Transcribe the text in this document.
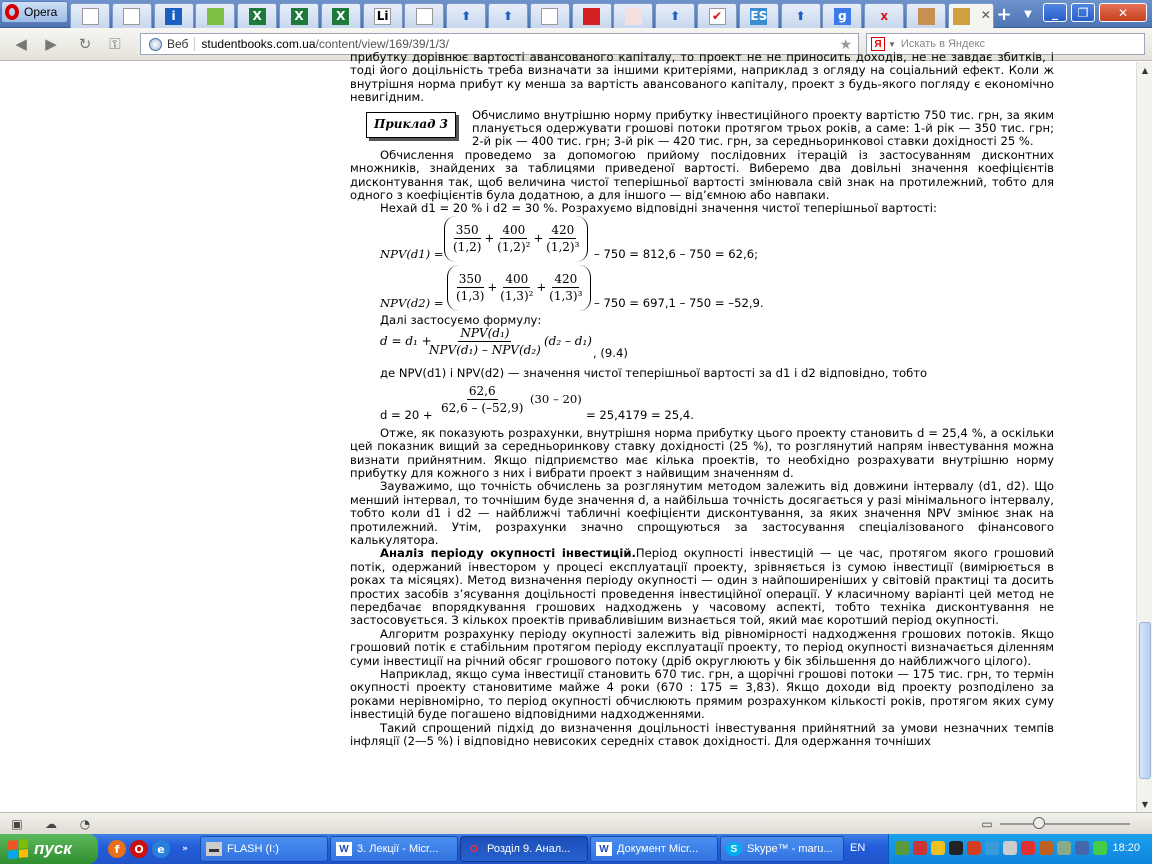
Opera	i	X	X	X	Li	⬆	⬆	⬆	✔ ES ⬆	g	x	✕ +	▼	_	❐	✕
◀	▶	↻	⚿	Веб	studentbooks.com.ua /content/view/169/39/1/3/	★	Я ▼ Искать в Яндекс
прибутку дорівнює вартості авансованого капіталу, то проект не не приносить доходів, не не завдає збитків, і тоді його доцільність треба визначати за іншими критеріями, наприклад з огляду на соціальний ефект. Коли ж внутрішня норма прибут ку менша за вартість авансованого капіталу, проект з будь-якого погляду є економічно невигідним.
Приклад 3
Обчислимо внутрішню норму прибутку інвестиційного проекту вартістю 750 тис. грн, за яким планується одержувати грошові потоки протягом трьох років, а саме: 1-й рік — 350 тис. грн; 2-й рік — 400 тис. грн; 3-й рік — 420 тис. грн, за середньоринковоі ставки дохідності 25 %.
Обчислення проведемо за допомогою прийому послідовних ітерацій із застосуванням дисконтних множників, знайдених за таблицями приведеної вартості. Виберемо два довільні значення коефіцієнтів дисконтування так, щоб величина чистої теперішньої вартості змінювала свій знак на протилежний, тобто для одного з коефіцієнтів була додатною, а для іншого — від’ємною або навпаки.
Нехай d1 = 20 % і d2 = 30 %. Розрахуємо відповідні значення чистої теперішньої вартості:
$NPV(d1) = \frac{350}{(1,2)} + \frac{400}{\text{(1,2)²}} + \frac{420}{\text{(1,2)³}} - 750 = 812,6 - 750 = 62,6$;
$NPV(d2) = \frac{350}{(1,3)} + \frac{400}{\text{(1,3)²}} + \frac{420}{\text{(1,3)³}} - 750 = 697,1 - 750 = -52,9$.
Далі застосуємо формулу:
d = d₁ +
NPV(d₁)
NPV(d₁) – NPV(d₂)
(d₂ – d₁)
, (9.4)
де NPV(d1) і NPV(d2) — значення чистої теперішньої вартості за d1 і d2 відповідно, тобто
$d = 20 + \frac{62,6}{62,6 - (-52,9)} (30 - 20)$
= 25,4179 = 25,4.
Отже, як показують розрахунки, внутрішня норма прибутку цього проекту становить d = 25,4 %, а оскільки цей показник вищий за середньоринкову ставку дохідності (25 %), то розглянутий напрям інвестування можна визнати прийнятним. Якщо підприємство має кілька проектів, то необхідно розрахувати внутрішню норму прибутку для кожного з них і вибрати проект з найвищим значенням d.
Зауважимо, що точність обчислень за розглянутим методом залежить від довжини інтервалу (d1, d2). Що менший інтервал, то точнішим буде значення d, а найбільша точність досягається у разі мінімального інтервалу, тобто коли d1 і d2 — найближчі табличні коефіцієнти дисконтування, за яких значення NPV змінює знак на протилежний. Утім, розрахунки значно спрощуються за застосування спеціалізованого фінансового калькулятора.
Аналіз періоду окупності інвестицій.Період окупності інвестицій — це час, протягом якого грошовий потік, одержаний інвестором у процесі експлуатації проекту, зрівняється із сумою інвестиції (вимірюється в роках та місяцях). Метод визначення періоду окупності — один з найпоширеніших у світовій практиці та досить простих засобів з’ясування доцільності проведення інвестиційної операції. У класичному варіанті цей метод не передбачає впорядкування грошових надходжень у часовому аспекті, тобто техніка дисконтування не застосовується. З кількох проектів привабливішим визнається той, який має коротший період окупності.
Алгоритм розрахунку періоду окупності залежить від рівномірності надходження грошових потоків. Якщо грошовий потік є стабільним протягом періоду експлуатації проекту, то період окупності визначається діленням суми інвестиції на річний обсяг грошового потоку (дріб округлюють у бік збільшення до найближчого цілого).
Наприклад, якщо сума інвестиції становить 670 тис. грн, а щорічні грошові потоки — 175 тис. грн, то термін окупності проекту становитиме майже 4 роки (670 : 175 = 3,83). Якщо доходи від проекту розподілено за роками нерівномірно, то період окупності обчислюють прямим розрахунком кількості років, протягом яких суму інвестицій буде погашено відповідними надходженнями.
Такий спрощений підхід до визначення доцільності інвестування прийнятний за умови незначних темпів інфляції (2—5 %) і відповідно невисоких середніх ставок дохідності. Для одержання точніших
▲
▼
▣ ☁	◔	▭
пуск	f	O	e	»	▬ FLASH (I:)	W 3. Лекції - Micr...	O Розділ 9. Анал...	W Документ Micr...	S Skype™ - maru... EN	18:20
